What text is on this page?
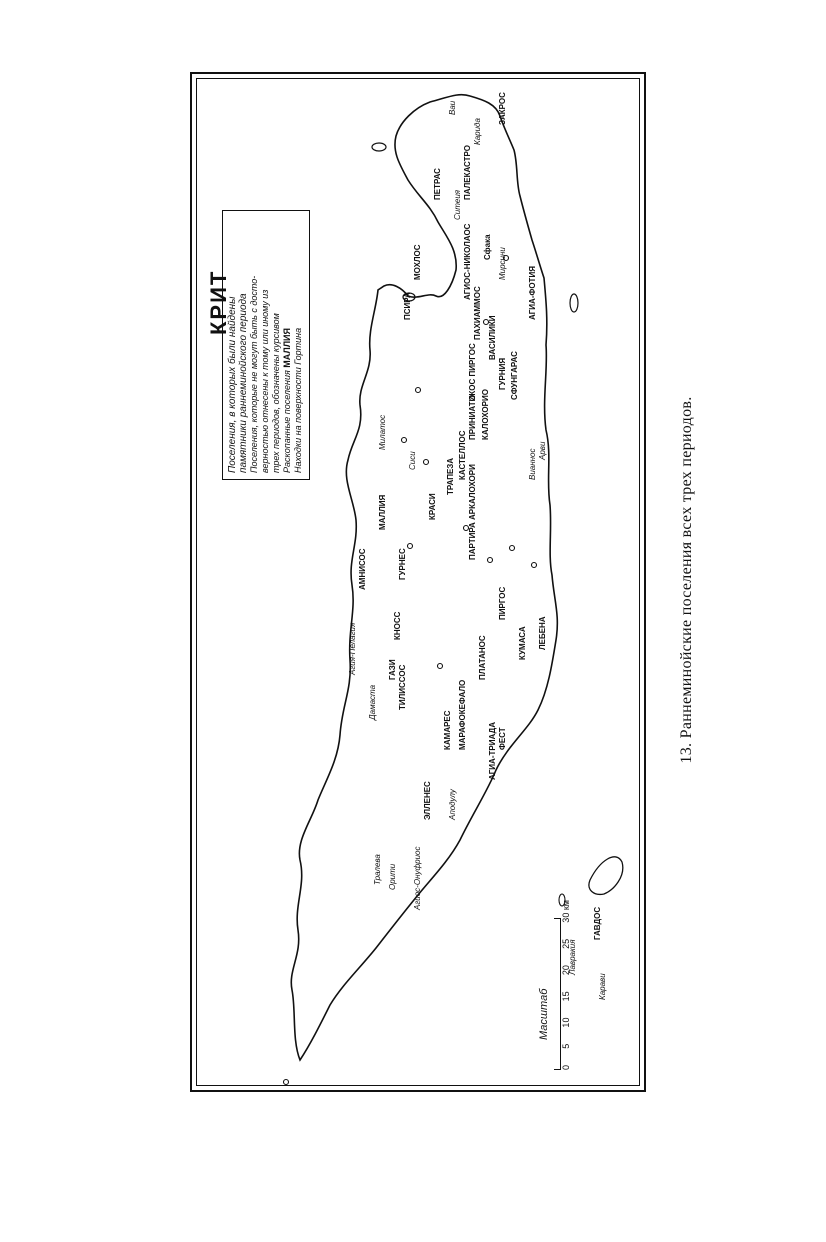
КРИТ
Поселения, в которых были найдены памятники раннеминойского периода Поселения, которые не могут быть с досто- верностью отнесены к тому или иному из трех периодов, обозначены курсивом Раскопанные поселения МАЛЛИЯ
Находки на поверхности Гортина
Масштаб
0
5
10
15
20
25
30 км
ЗАКРОС
ПАЛЕКАСТРО
Ваи
Карида
ПЕТРАС
Ситеия
Сфака Мирсини
МОХЛОС
ПСИРА
АГИОС-НИКОЛАОС	АГИА-ФОТИЯ
ПАХИАММОС ВАСИЛИКИ
ГУРНИЯ СФУНГАРАС
ПРИНИАТИКОС ПИРГОС КАЛОХОРИО
КАСТЕЛЛОС
ТРАПЕЗА
КРАСИ
МАЛЛИЯ
Милатос
Сиси
ГУРНЕС
АМНИСОС
КНОСС
ГАЗИ
Агия-Пелагия
ТИЛИССОС
АРКАЛОХОРИ
ПАРТИРА
ПИРГОС
Арви
Вианнос
ПЛАТАНОС	КУМАСА ЛЕБЕНА
КАМАРЕС	ФЕСТ
АГИА-ТРИАДА
МАРАФОКЕФАЛО
ЭЛЛЕНЕС Аподулу
Агиос-Онуфриос
Орити
Тралева
Дамаста
ГАВДОС
Карави
Лавракия
13. Раннеминойские поселения всех трех периодов.
